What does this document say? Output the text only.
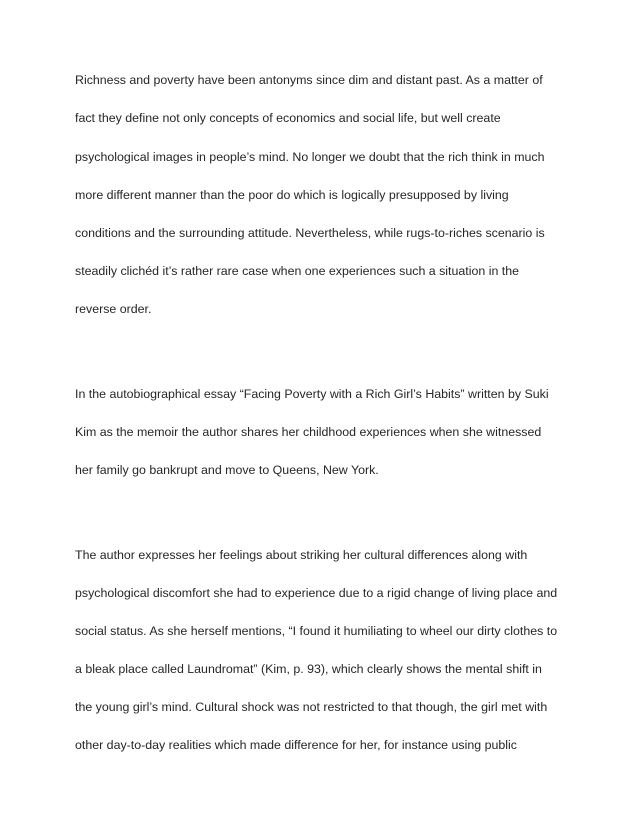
Richness and poverty have been antonyms since dim and distant past. As a matter of

fact they define not only concepts of economics and social life, but well create

psychological images in people’s mind. No longer we doubt that the rich think in much

more different manner than the poor do which is logically presupposed by living

conditions and the surrounding attitude. Nevertheless, while rugs-to-riches scenario is

steadily clichéd it’s rather rare case when one experiences such a situation in the

reverse order.

In the autobiographical essay “Facing Poverty with a Rich Girl’s Habits” written by Suki

Kim as the memoir the author shares her childhood experiences when she witnessed

her family go bankrupt and move to Queens, New York.

The author expresses her feelings about striking her cultural differences along with

psychological discomfort she had to experience due to a rigid change of living place and

social status. As she herself mentions, “I found it humiliating to wheel our dirty clothes to

a bleak place called Laundromat” (Kim, p. 93), which clearly shows the mental shift in

the young girl’s mind. Cultural shock was not restricted to that though, the girl met with

other day-to-day realities which made difference for her, for instance using public
